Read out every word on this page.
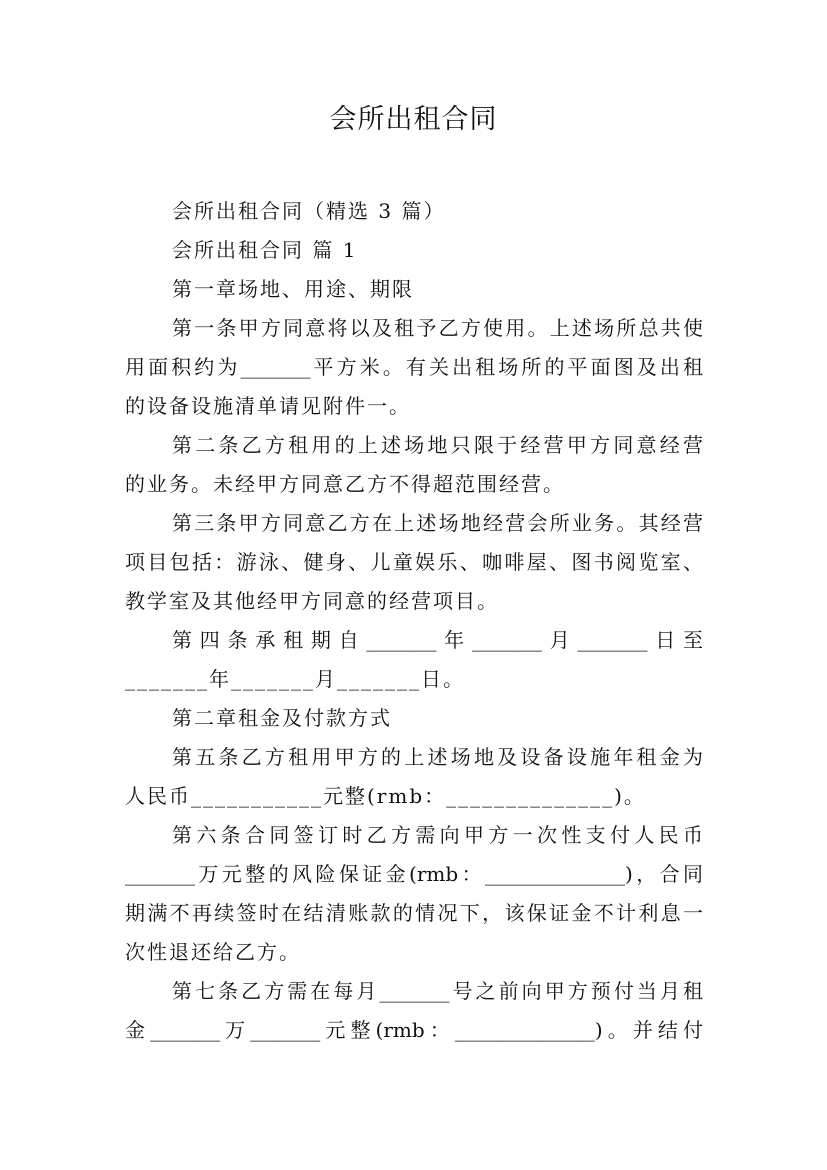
会所出租合同
会所出租合同（精选 3 篇）
会所出租合同 篇 1
第一章场地、用途、期限
第一条甲方同意将以及租予乙方使用。上述场所总共使
用面积约为_______平方米。有关出租场所的平面图及出租
的设备设施清单请见附件一。
第二条乙方租用的上述场地只限于经营甲方同意经营
的业务。未经甲方同意乙方不得超范围经营。
第三条甲方同意乙方在上述场地经营会所业务。其经营
项目包括：游泳、健身、儿童娱乐、咖啡屋、图书阅览室、
教学室及其他经甲方同意的经营项目。
第四条承租期自_______年_______月_______日至
_______年_______月_______日。
第二章租金及付款方式
第五条乙方租用甲方的上述场地及设备设施年租金为
人民币___________元整(rmb：______________)。
第六条合同签订时乙方需向甲方一次性支付人民币
_______万元整的风险保证金(rmb：______________)，合同
期满不再续签时在结清账款的情况下，该保证金不计利息一
次性退还给乙方。
第七条乙方需在每月_______号之前向甲方预付当月租
金_______万_______元整(rmb：______________)。并结付
